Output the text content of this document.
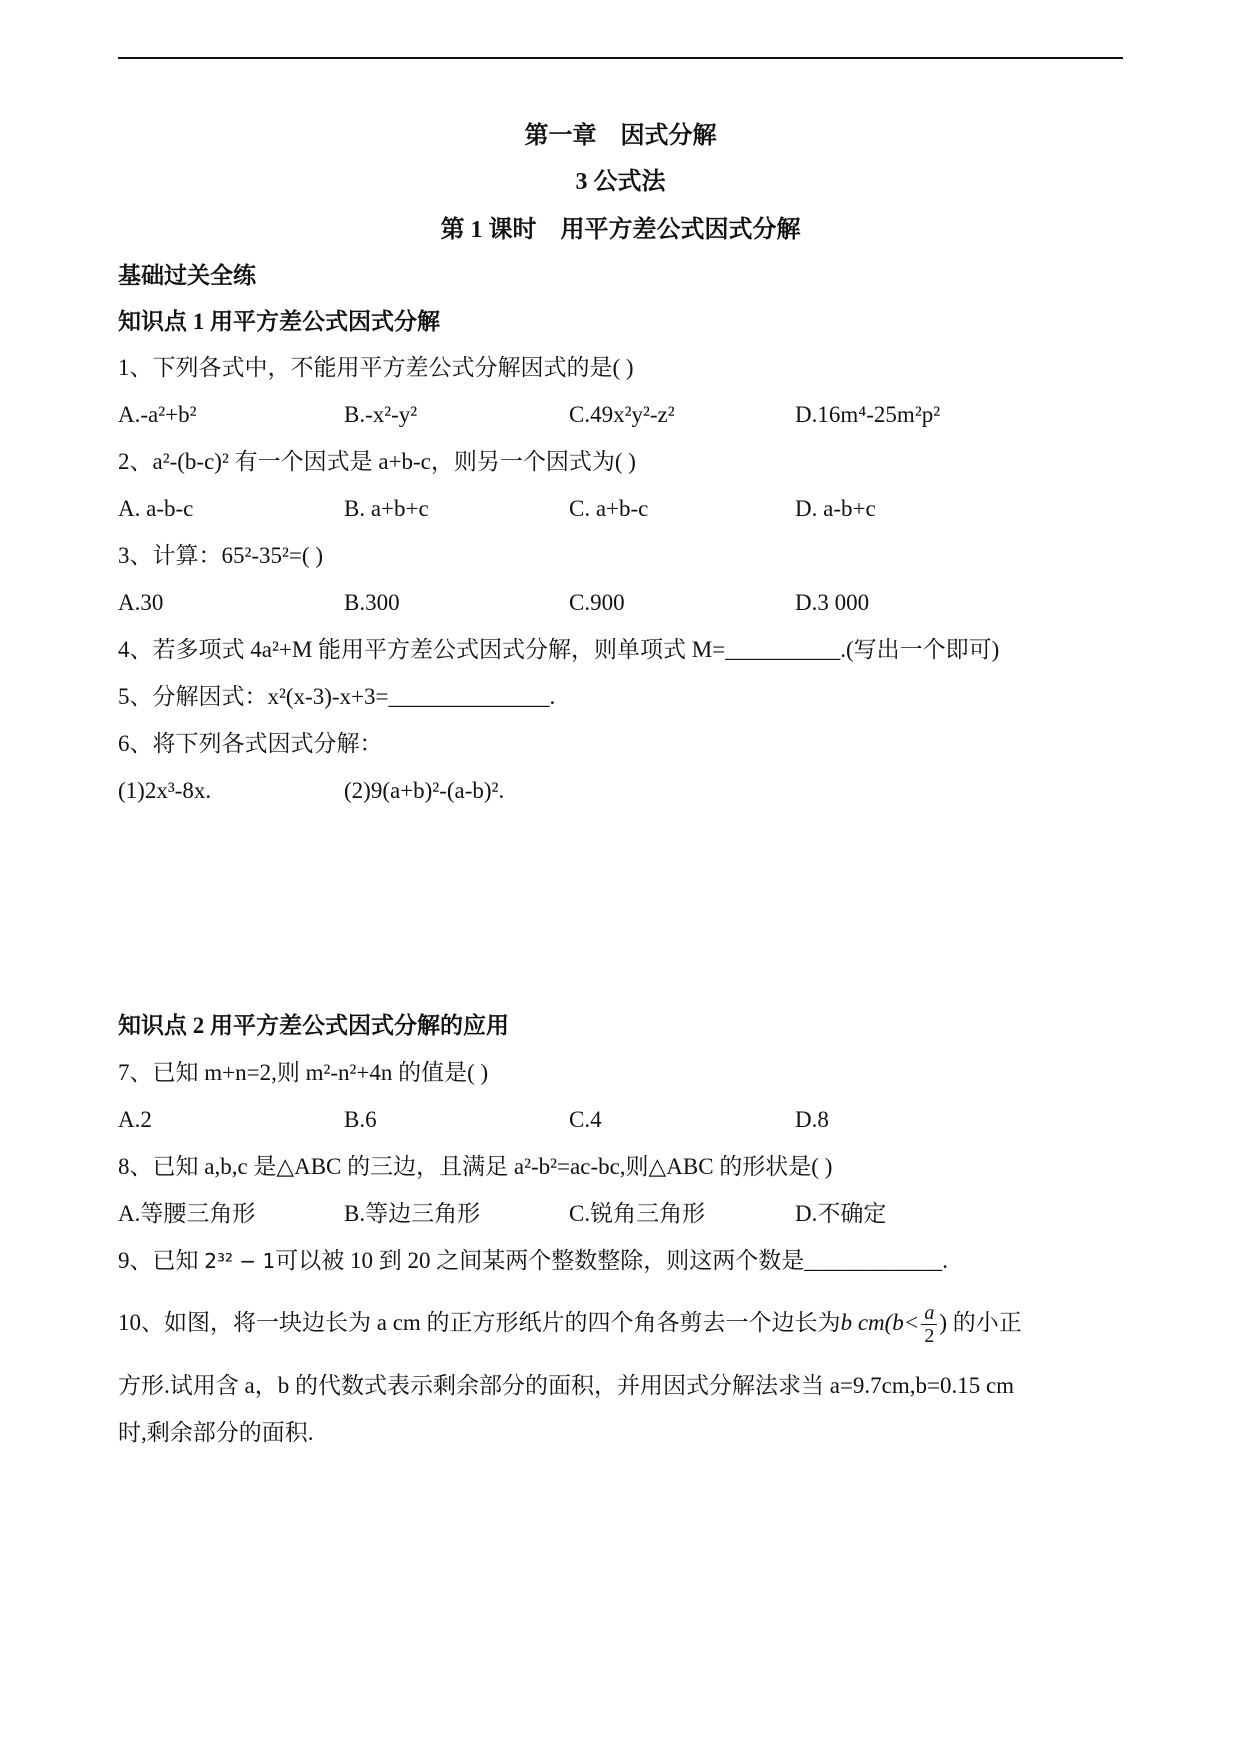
第一章　因式分解
3 公式法
第 1 课时　用平方差公式因式分解
基础过关全练
知识点 1 用平方差公式因式分解
1、下列各式中，不能用平方差公式分解因式的是( )
A.-a²+b²	B.-x²-y²	C.49x²y²-z²	D.16m⁴-25m²p²
2、a²-(b-c)² 有一个因式是 a+b-c，则另一个因式为( )
A. a-b-c	B. a+b+c	C. a+b-c	D. a-b+c
3、计算：65²-35²=( )
A.30	B.300	C.900	D.3 000
4、若多项式 4a²+M 能用平方差公式因式分解，则单项式 M=__________.(写出一个即可)
5、分解因式：x²(x-3)-x+3=______________.
6、将下列各式因式分解：
(1)2x³-8x.	(2)9(a+b)²-(a-b)².
知识点 2 用平方差公式因式分解的应用
7、已知 m+n=2,则 m²-n²+4n 的值是( )
A.2	B.6	C.4	D.8
8、已知 a,b,c 是△ABC 的三边，且满足 a²-b²=ac-bc,则△ABC 的形状是( )
A.等腰三角形	B.等边三角形	C.锐角三角形	D.不确定
9、已知 2³² − 1可以被 10 到 20 之间某两个整数整除，则这两个数是____________.
10、如图，将一块边长为 a cm 的正方形纸片的四个角各剪去一个边长为b $cm(b< \frac{a}{2}$ ) 的小正
方形.试用含 a，b 的代数式表示剩余部分的面积，并用因式分解法求当 a=9.7cm,b=0.15 cm
时,剩余部分的面积.
